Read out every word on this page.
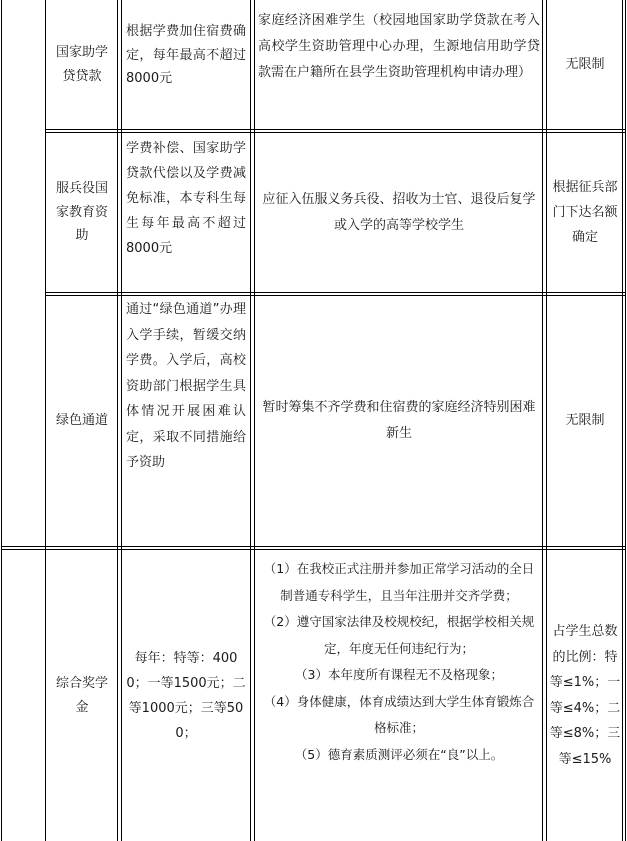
国家助学贷贷款
根据学费加住宿费确定，每年最高不超过8000元
家庭经济困难学生（校园地国家助学贷款在考入高校学生资助管理中心办理，生源地信用助学贷款需在户籍所在县学生资助管理机构申请办理）
无限制
服兵役国家教育资助
学费补偿、国家助学贷款代偿以及学费减免标准，本专科生每生每年最高不超过8000元
应征入伍服义务兵役、招收为士官、退役后复学或入学的高等学校学生
根据征兵部门下达名额确定
绿色通道
通过“绿色通道”办理入学手续，暂缓交纳学费。入学后，高校资助部门根据学生具体情况开展困难认定，采取不同措施给予资助
暂时筹集不齐学费和住宿费的家庭经济特别困难新生
无限制
综合奖学金
每年：特等：4000；一等1500元；二等1000元；三等500；
（1）在我校正式注册并参加正常学习活动的全日制普通专科学生，且当年注册并交齐学费；
（2）遵守国家法律及校规校纪，根据学校相关规定，年度无任何违纪行为；
（3）本年度所有课程无不及格现象；
（4）身体健康，体育成绩达到大学生体育锻炼合格标准；
（5）德育素质测评必须在“良”以上。
占学生总数的比例：特等≤1%；一等≤4%；二等≤8%；三等≤15%
